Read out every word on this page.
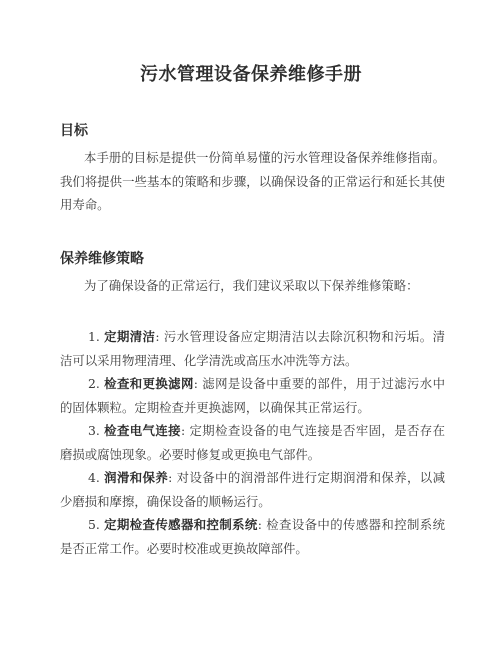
污水管理设备保养维修手册
目标
本手册的目标是提供一份简单易懂的污水管理设备保养维修指南。我们将提供一些基本的策略和步骤，以确保设备的正常运行和延长其使用寿命。
保养维修策略
为了确保设备的正常运行，我们建议采取以下保养维修策略：
1. 定期清洁: 污水管理设备应定期清洁以去除沉积物和污垢。清洁可以采用物理清理、化学清洗或高压水冲洗等方法。
2. 检查和更换滤网: 滤网是设备中重要的部件，用于过滤污水中的固体颗粒。定期检查并更换滤网，以确保其正常运行。
3. 检查电气连接: 定期检查设备的电气连接是否牢固，是否存在磨损或腐蚀现象。必要时修复或更换电气部件。
4. 润滑和保养: 对设备中的润滑部件进行定期润滑和保养，以减少磨损和摩擦，确保设备的顺畅运行。
5. 定期检查传感器和控制系统: 检查设备中的传感器和控制系统是否正常工作。必要时校准或更换故障部件。
